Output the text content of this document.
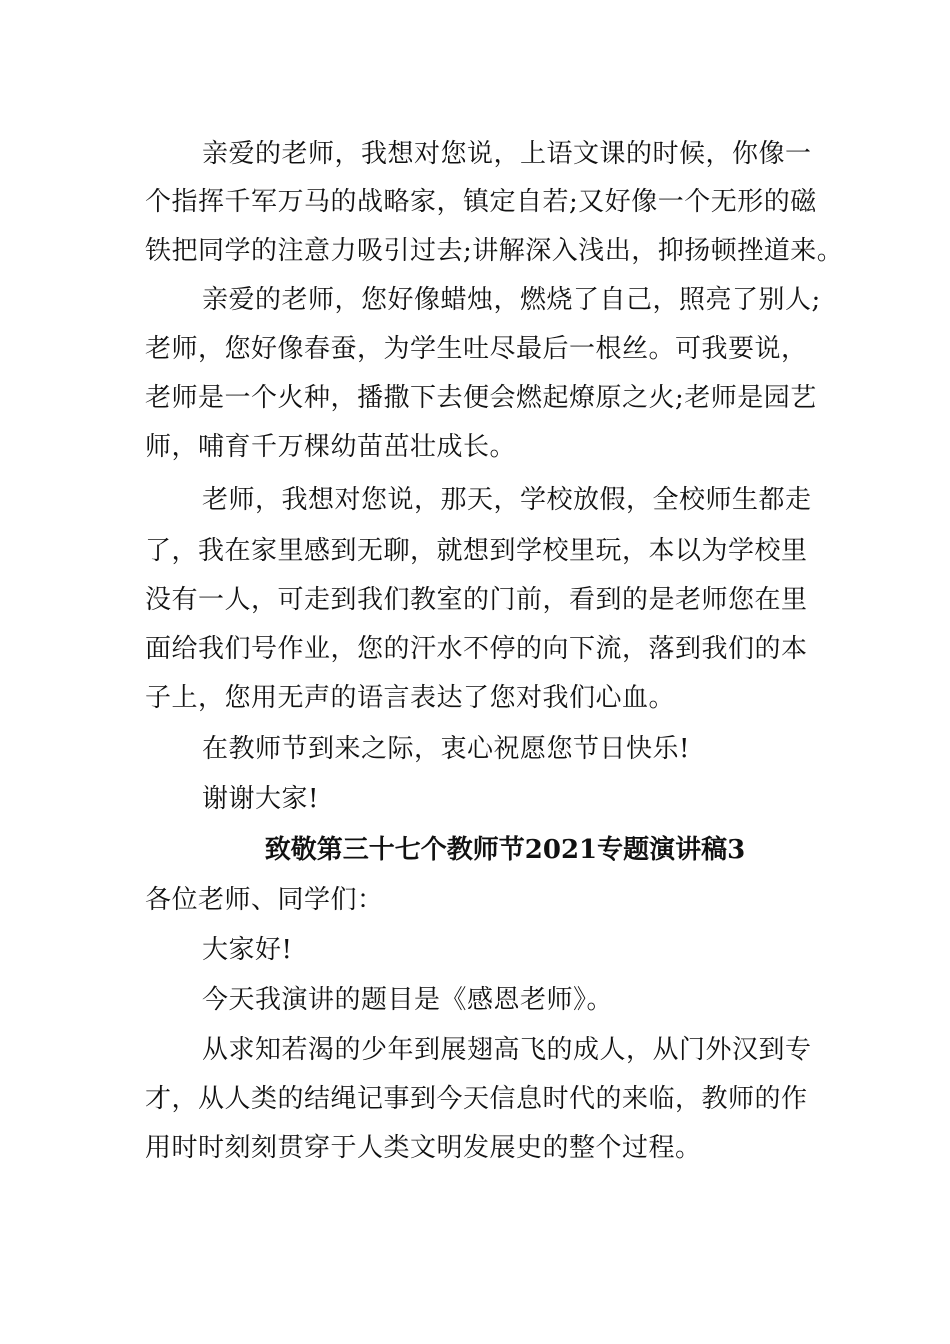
亲爱的老师，我想对您说，上语文课的时候，你像一
个指挥千军万马的战略家，镇定自若;又好像一个无形的磁
铁把同学的注意力吸引过去;讲解深入浅出，抑扬顿挫道来。
亲爱的老师，您好像蜡烛，燃烧了自己，照亮了别人;
老师，您好像春蚕，为学生吐尽最后一根丝。可我要说，
老师是一个火种，播撒下去便会燃起燎原之火;老师是园艺
师，哺育千万棵幼苗茁壮成长。
老师，我想对您说，那天，学校放假，全校师生都走
了，我在家里感到无聊，就想到学校里玩，本以为学校里
没有一人，可走到我们教室的门前，看到的是老师您在里
面给我们号作业，您的汗水不停的向下流，落到我们的本
子上，您用无声的语言表达了您对我们心血。
在教师节到来之际，衷心祝愿您节日快乐!
谢谢大家!
致敬第三十七个教师节2021专题演讲稿3
各位老师、同学们：
大家好!
今天我演讲的题目是《感恩老师》。
从求知若渴的少年到展翅高飞的成人，从门外汉到专
才，从人类的结绳记事到今天信息时代的来临，教师的作
用时时刻刻贯穿于人类文明发展史的整个过程。
